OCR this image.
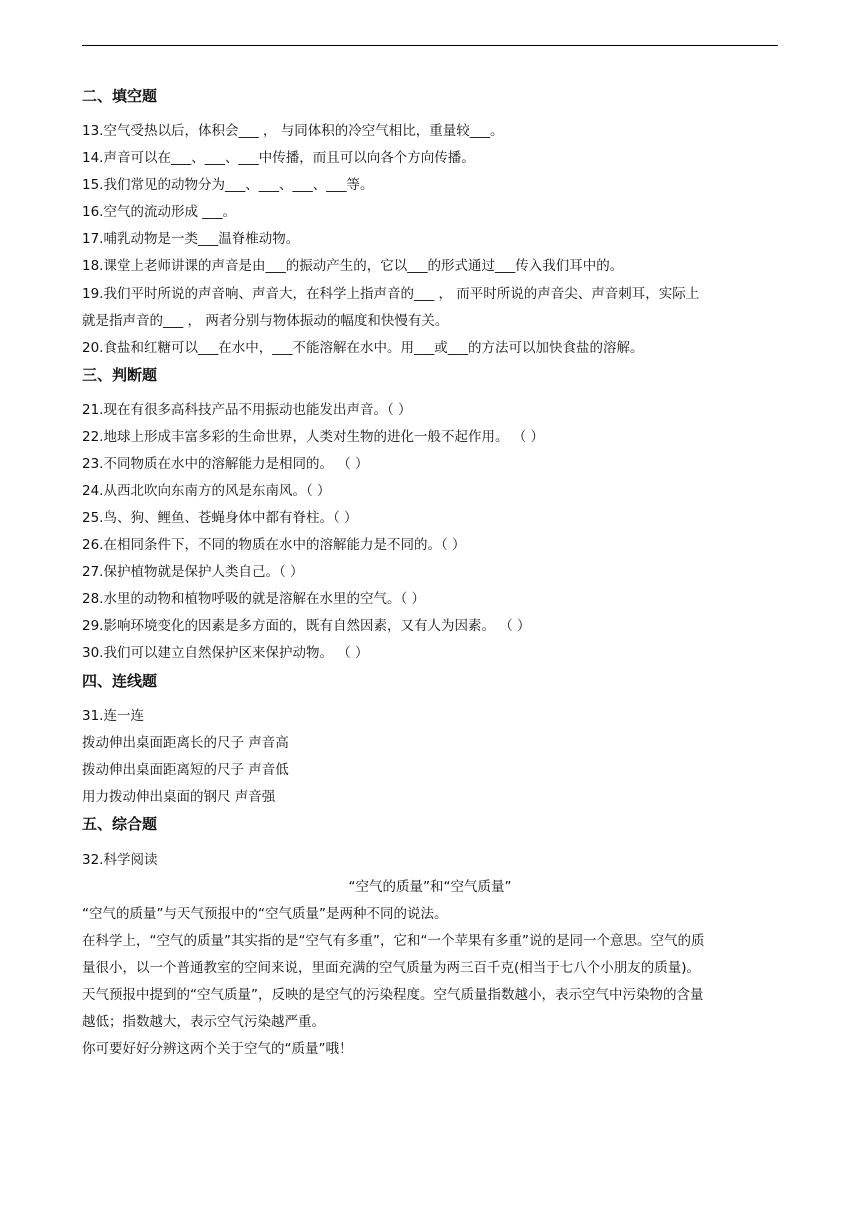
二、填空题
13.空气受热以后，体积会___ ， 与同体积的冷空气相比，重量较___。
14.声音可以在___、___、___中传播，而且可以向各个方向传播。
15.我们常见的动物分为___、___、___、___等。
16.空气的流动形成 ___。
17.哺乳动物是一类___温脊椎动物。
18.课堂上老师讲课的声音是由___的振动产生的，它以___的形式通过___传入我们耳中的。
19.我们平时所说的声音响、声音大，在科学上指声音的___ ， 而平时所说的声音尖、声音刺耳，实际上
就是指声音的___ ， 两者分别与物体振动的幅度和快慢有关。
20.食盐和红糖可以___在水中，___不能溶解在水中。用___或___的方法可以加快食盐的溶解。
三、判断题
21.现在有很多高科技产品不用振动也能发出声音。（ ）
22.地球上形成丰富多彩的生命世界，人类对生物的进化一般不起作用。 （ ）
23.不同物质在水中的溶解能力是相同的。 （ ）
24.从西北吹向东南方的风是东南风。（ ）
25.鸟、狗、鲤鱼、苍蝇身体中都有脊柱。（ ）
26.在相同条件下，不同的物质在水中的溶解能力是不同的。（ ）
27.保护植物就是保护人类自己。（ ）
28.水里的动物和植物呼吸的就是溶解在水里的空气。（ ）
29.影响环境变化的因素是多方面的，既有自然因素，又有人为因素。 （ ）
30.我们可以建立自然保护区来保护动物。 （ ）
四、连线题
31.连一连
拨动伸出桌面距离长的尺子 声音高
拨动伸出桌面距离短的尺子 声音低
用力拨动伸出桌面的钢尺 声音强
五、综合题
32.科学阅读
“空气的质量”和“空气质量”
“空气的质量”与天气预报中的“空气质量”是两种不同的说法。
在科学上，“空气的质量”其实指的是“空气有多重”，它和“一个苹果有多重”说的是同一个意思。空气的质
量很小，以一个普通教室的空间来说，里面充满的空气质量为两三百千克(相当于七八个小朋友的质量)。
天气预报中提到的“空气质量”，反映的是空气的污染程度。空气质量指数越小，表示空气中污染物的含量
越低；指数越大，表示空气污染越严重。
你可要好好分辨这两个关于空气的“质量”哦！
